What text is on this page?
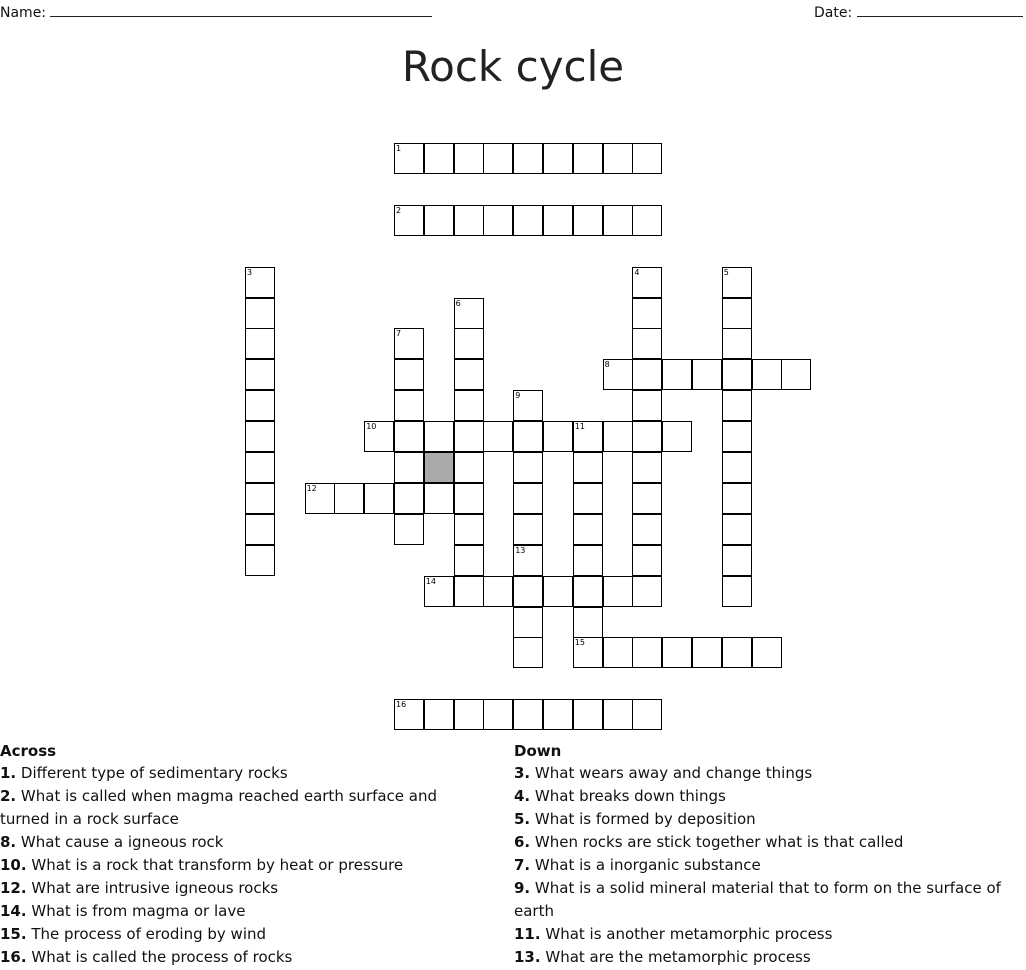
Name:	Date:
Rock cycle
1
2
3	4	5
6
7
8
9
10	11
15
12
13
14
16
Across
1. Different type of sedimentary rocks
2. What is called when magma reached earth surface and turned in a rock surface
8. What cause a igneous rock
10. What is a rock that transform by heat or pressure
12. What are intrusive igneous rocks
14. What is from magma or lave
15. The process of eroding by wind
16. What is called the process of rocks
Down
3. What wears away and change things
4. What breaks down things
5. What is formed by deposition
6. When rocks are stick together what is that called
7. What is a inorganic substance
9. What is a solid mineral material that to form on the surface of earth
11. What is another metamorphic process
13. What are the metamorphic process
